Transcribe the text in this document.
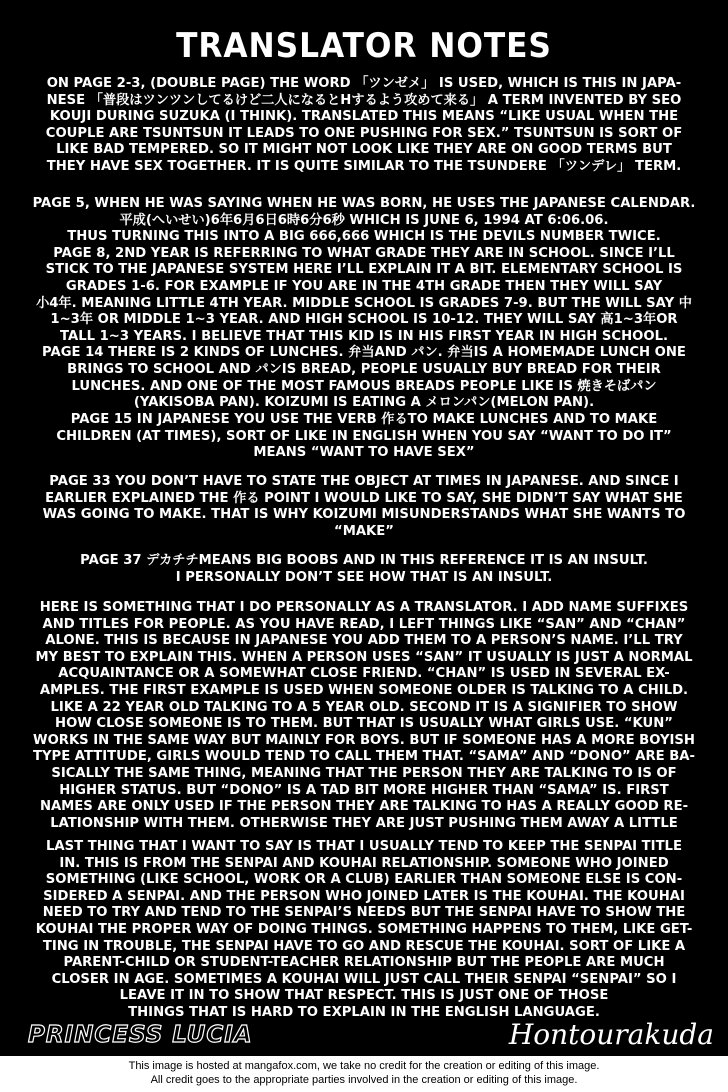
TRANSLATOR NOTES
ON PAGE 2-3, (DOUBLE PAGE) THE WORD 「ツンゼメ」 IS USED, WHICH IS THIS IN JAPA-
NESE 「普段はツンツンしてるけど二人になるとHするよう攻めて来る」 A TERM INVENTED BY SEO
KOUJI DURING SUZUKA (I THINK). TRANSLATED THIS MEANS “LIKE USUAL WHEN THE
COUPLE ARE TSUNTSUN IT LEADS TO ONE PUSHING FOR SEX.” TSUNTSUN IS SORT OF
LIKE BAD TEMPERED. SO IT MIGHT NOT LOOK LIKE THEY ARE ON GOOD TERMS BUT
THEY HAVE SEX TOGETHER. IT IS QUITE SIMILAR TO THE TSUNDERE 「ツンデレ」 TERM.
PAGE 5, WHEN HE WAS SAYING WHEN HE WAS BORN, HE USES THE JAPANESE CALENDAR.
平成(へいせい)6年6月6日6時6分6秒 WHICH IS JUNE 6, 1994 AT 6:06.06.
THUS TURNING THIS INTO A BIG 666,666 WHICH IS THE DEVILS NUMBER TWICE.
PAGE 8, 2ND YEAR IS REFERRING TO WHAT GRADE THEY ARE IN SCHOOL. SINCE I’LL
STICK TO THE JAPANESE SYSTEM HERE I’LL EXPLAIN IT A BIT. ELEMENTARY SCHOOL IS
GRADES 1-6. FOR EXAMPLE IF YOU ARE IN THE 4TH GRADE THEN THEY WILL SAY
小4年. MEANING LITTLE 4TH YEAR. MIDDLE SCHOOL IS GRADES 7-9. BUT THE WILL SAY 中
1~3年 OR MIDDLE 1~3 YEAR. AND HIGH SCHOOL IS 10-12. THEY WILL SAY 高1~3年OR
TALL 1~3 YEARS. I BELIEVE THAT THIS KID IS IN HIS FIRST YEAR IN HIGH SCHOOL.
PAGE 14 THERE IS 2 KINDS OF LUNCHES. 弁当AND パン. 弁当IS A HOMEMADE LUNCH ONE
BRINGS TO SCHOOL AND パンIS BREAD, PEOPLE USUALLY BUY BREAD FOR THEIR
LUNCHES. AND ONE OF THE MOST FAMOUS BREADS PEOPLE LIKE IS 焼きそばパン
(YAKISOBA PAN). KOIZUMI IS EATING A メロンパン(MELON PAN).
PAGE 15 IN JAPANESE YOU USE THE VERB 作るTO MAKE LUNCHES AND TO MAKE
CHILDREN (AT TIMES), SORT OF LIKE IN ENGLISH WHEN YOU SAY “WANT TO DO IT”
MEANS “WANT TO HAVE SEX”
PAGE 33 YOU DON’T HAVE TO STATE THE OBJECT AT TIMES IN JAPANESE. AND SINCE I
EARLIER EXPLAINED THE 作る POINT I WOULD LIKE TO SAY, SHE DIDN’T SAY WHAT SHE
WAS GOING TO MAKE. THAT IS WHY KOIZUMI MISUNDERSTANDS WHAT SHE WANTS TO
“MAKE”
PAGE 37 デカチチMEANS BIG BOOBS AND IN THIS REFERENCE IT IS AN INSULT.
I PERSONALLY DON’T SEE HOW THAT IS AN INSULT.
HERE IS SOMETHING THAT I DO PERSONALLY AS A TRANSLATOR. I ADD NAME SUFFIXES
AND TITLES FOR PEOPLE. AS YOU HAVE READ, I LEFT THINGS LIKE “SAN” AND “CHAN”
ALONE. THIS IS BECAUSE IN JAPANESE YOU ADD THEM TO A PERSON’S NAME. I’LL TRY
MY BEST TO EXPLAIN THIS. WHEN A PERSON USES “SAN” IT USUALLY IS JUST A NORMAL
ACQUAINTANCE OR A SOMEWHAT CLOSE FRIEND. “CHAN” IS USED IN SEVERAL EX-
AMPLES. THE FIRST EXAMPLE IS USED WHEN SOMEONE OLDER IS TALKING TO A CHILD.
LIKE A 22 YEAR OLD TALKING TO A 5 YEAR OLD. SECOND IT IS A SIGNIFIER TO SHOW
HOW CLOSE SOMEONE IS TO THEM. BUT THAT IS USUALLY WHAT GIRLS USE. “KUN”
WORKS IN THE SAME WAY BUT MAINLY FOR BOYS. BUT IF SOMEONE HAS A MORE BOYISH
TYPE ATTITUDE, GIRLS WOULD TEND TO CALL THEM THAT. “SAMA” AND “DONO” ARE BA-
SICALLY THE SAME THING, MEANING THAT THE PERSON THEY ARE TALKING TO IS OF
HIGHER STATUS. BUT “DONO” IS A TAD BIT MORE HIGHER THAN “SAMA” IS. FIRST
NAMES ARE ONLY USED IF THE PERSON THEY ARE TALKING TO HAS A REALLY GOOD RE-
LATIONSHIP WITH THEM. OTHERWISE THEY ARE JUST PUSHING THEM AWAY A LITTLE
LAST THING THAT I WANT TO SAY IS THAT I USUALLY TEND TO KEEP THE SENPAI TITLE
IN. THIS IS FROM THE SENPAI AND KOUHAI RELATIONSHIP. SOMEONE WHO JOINED
SOMETHING (LIKE SCHOOL, WORK OR A CLUB) EARLIER THAN SOMEONE ELSE IS CON-
SIDERED A SENPAI. AND THE PERSON WHO JOINED LATER IS THE KOUHAI. THE KOUHAI
NEED TO TRY AND TEND TO THE SENPAI’S NEEDS BUT THE SENPAI HAVE TO SHOW THE
KOUHAI THE PROPER WAY OF DOING THINGS. SOMETHING HAPPENS TO THEM, LIKE GET-
TING IN TROUBLE, THE SENPAI HAVE TO GO AND RESCUE THE KOUHAI. SORT OF LIKE A
PARENT-CHILD OR STUDENT-TEACHER RELATIONSHIP BUT THE PEOPLE ARE MUCH
CLOSER IN AGE. SOMETIMES A KOUHAI WILL JUST CALL THEIR SENPAI “SENPAI” SO I
LEAVE IT IN TO SHOW THAT RESPECT. THIS IS JUST ONE OF THOSE
THINGS THAT IS HARD TO EXPLAIN IN THE ENGLISH LANGUAGE.
PRINCESS LUCIA	Hontourakuda
This image is hosted at mangafox.com, we take no credit for the creation or editing of this image.
All credit goes to the appropriate parties involved in the creation or editing of this image.
